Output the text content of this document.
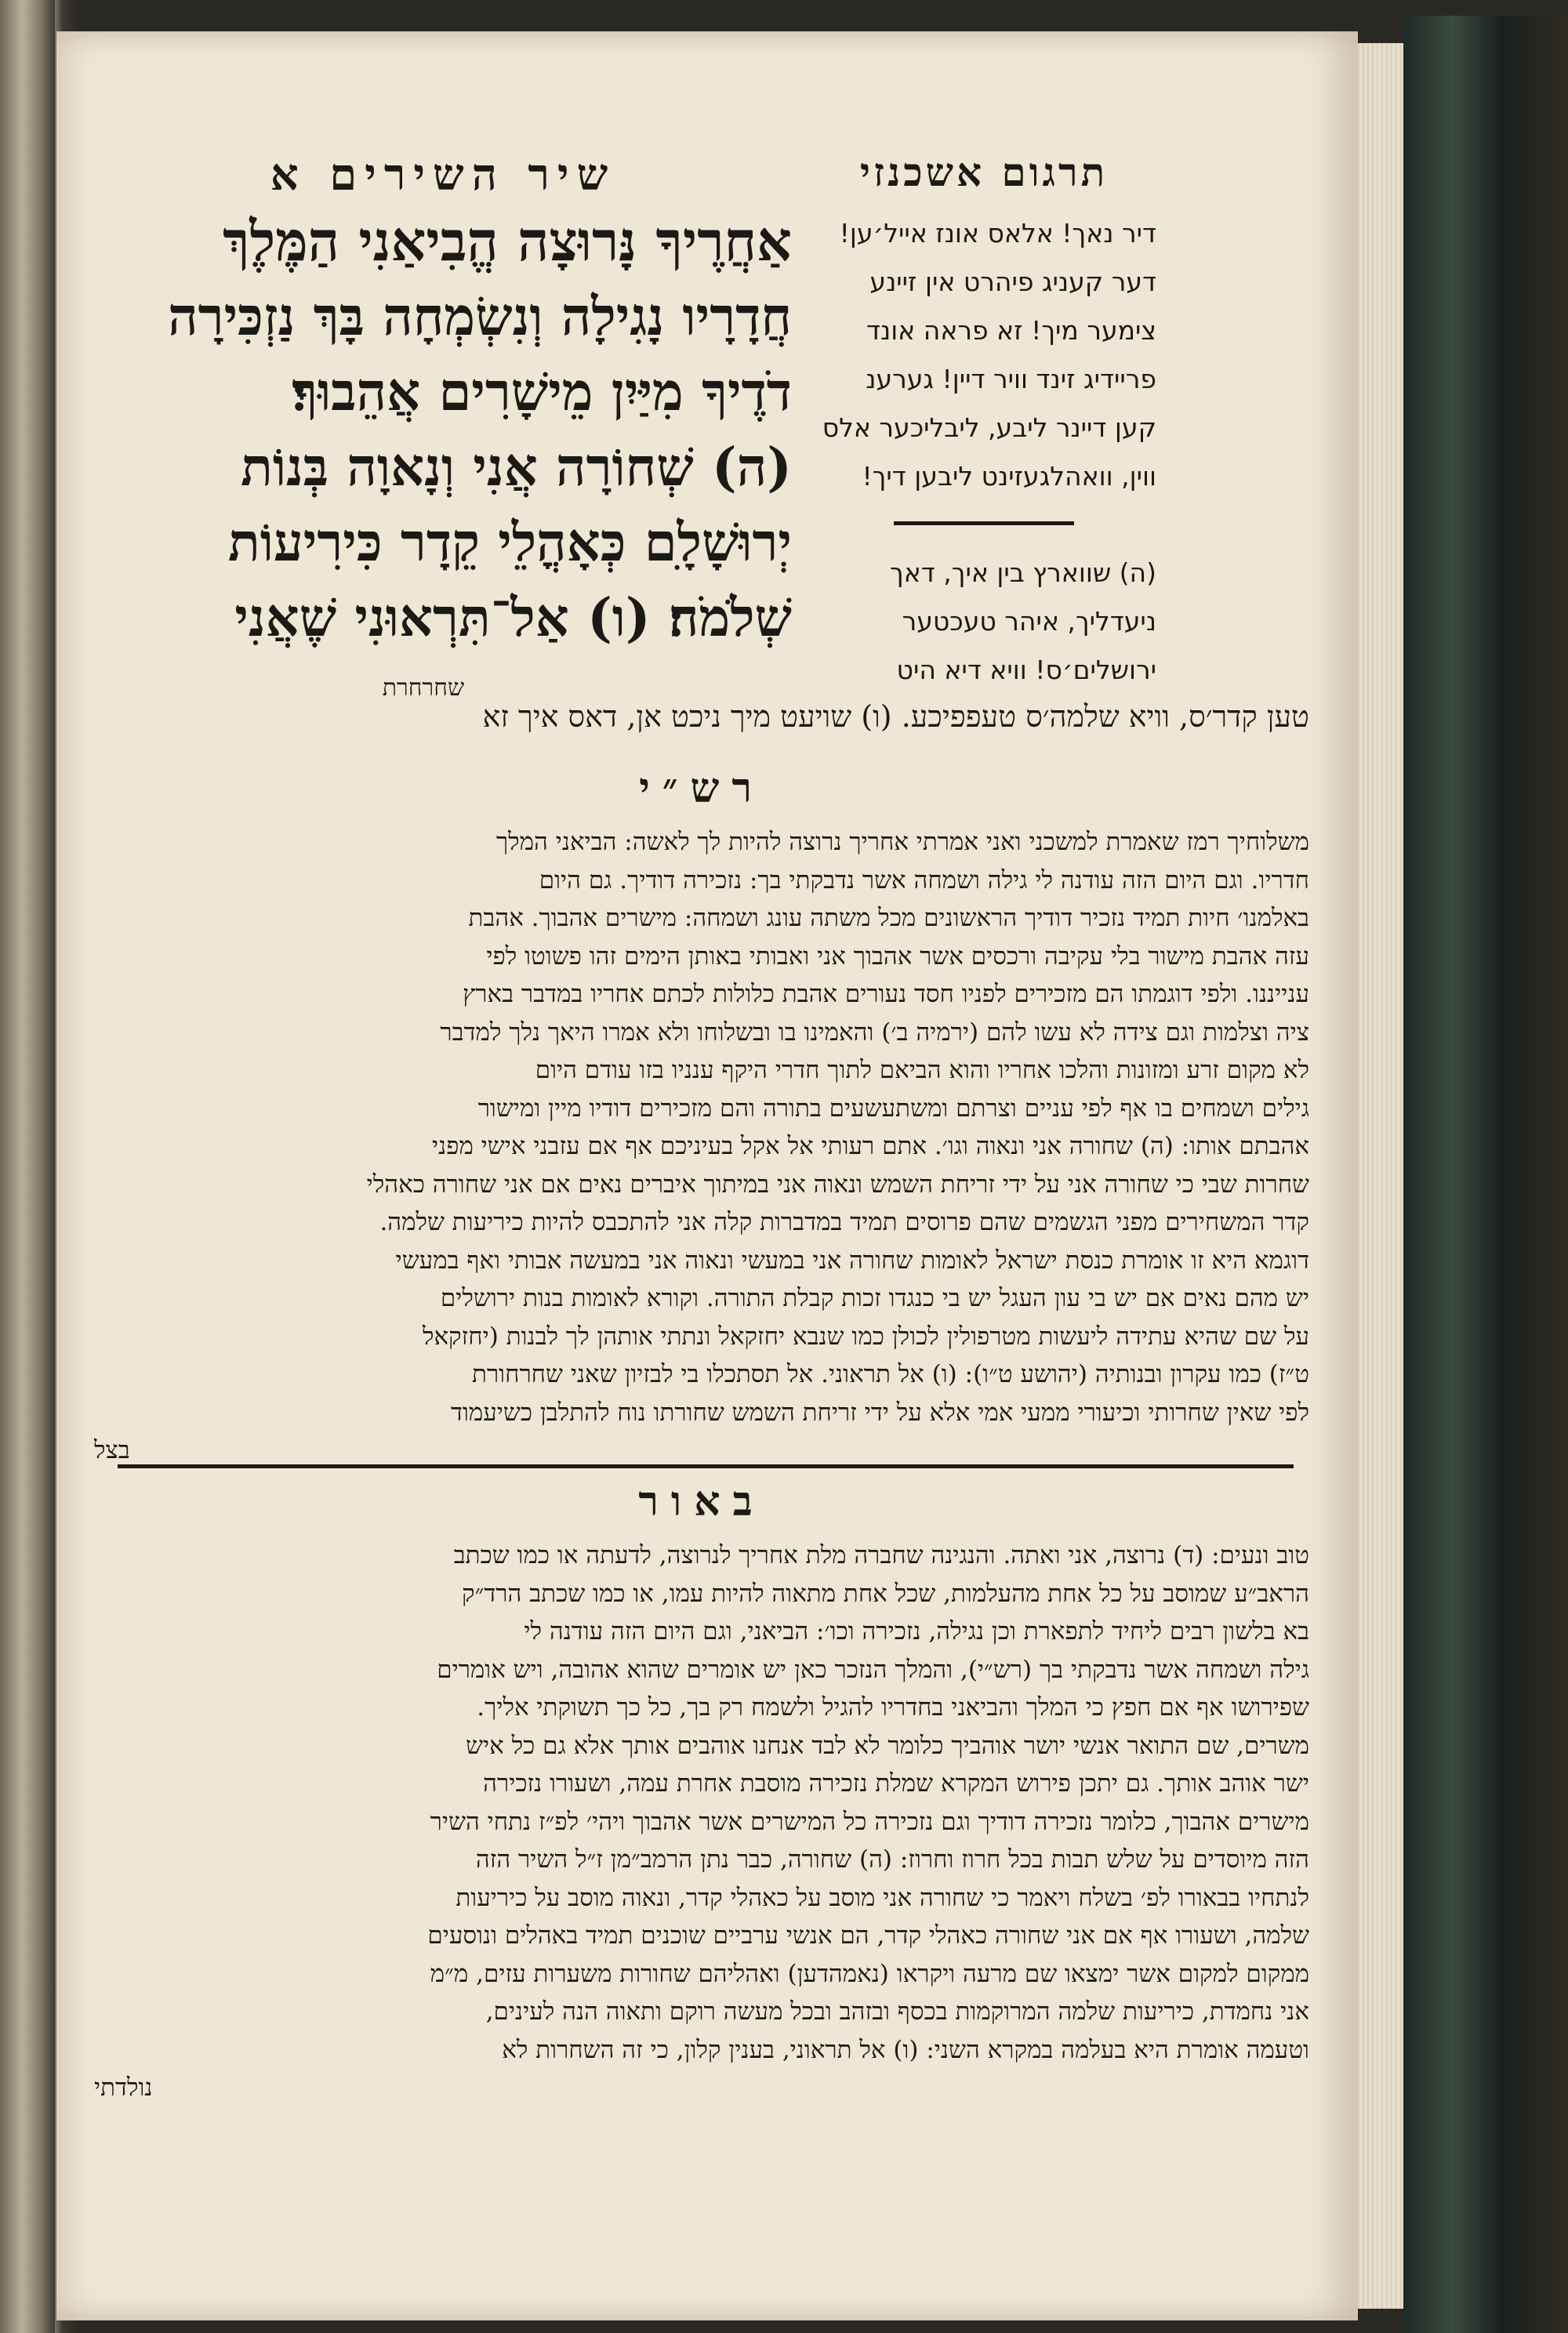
תרגום אשכנזי
דיר נאך! אלאס אונז אייל׳ען!
דער קעניג פיהרט אין זיינע
צימער מיך! זא פראה אונד
פריידיג זינד וויר דיין! גערענ
קען דיינר ליבע, ליבליכער אלס
ווין, וואהלגעזינט ליבען דיך!
(ה) שווארץ בין איך, דאך
ניעדליך, איהר טעכטער
ירושלים׳ס! וויא דיא היט
שיר השירים א
אַחֲרֶיךָ נָּרוּצָה הֱבִיאַנִי הַמֶּלֶךְ
חֲדָרָיו נָגִילָה וְנִשְׂמְחָה בָּךְ נַזְכִּירָה
דֹדֶיךָ מִיַּיִן מֵישָׁרִים אֲהֵבוּךָ׃
(ה) שְׁחוֹרָה אֲנִי וְנָאוָה בְּנוֹת
יְרוּשָׁלָ‍ִם כְּאָהֳלֵי קֵדָר כִּירִיעוֹת
שְׁלֹמֹה׃ (ו) אַל־תִּרְאוּנִי שֶׁאֲנִי
שחרחרת
טען קדר׳ס, וויא שלמה׳ס טעפפיכע. (ו) שויעט מיך ניכט אן, דאס איך זא
רש״י
משלוחיך רמז שאמרת למשכני ואני אמרתי אחריך נרוצה להיות לך לאשה: הביאני המלך
חדריו. וגם היום הזה עודנה לי גילה ושמחה אשר נדבקתי בך: נזכירה דודיך. גם היום
באלמנו׳ חיות תמיד נזכיר דודיך הראשונים מכל משתה עונג ושמחה: מישרים אהבוך. אהבת
עזה אהבת מישור בלי עקיבה ורכסים אשר אהבוך אני ואבותי באותן הימים זהו פשוטו לפי
ענייננו. ולפי דוגמתו הם מזכירים לפניו חסד נעורים אהבת כלולות לכתם אחריו במדבר בארץ
ציה וצלמות וגם צידה לא עשו להם (ירמיה ב׳) והאמינו בו ובשלוחו ולא אמרו היאך נלך למדבר
לא מקום זרע ומזונות והלכו אחריו והוא הביאם לתוך חדרי היקף ענניו בזו עודם היום
גילים ושמחים בו אף לפי עניים וצרתם ומשתעשעים בתורה והם מזכירים דודיו מיין ומישור
אהבתם אותו: (ה) שחורה אני ונאוה וגו׳. אתם רעותי אל אקל בעיניכם אף אם עזבני אישי מפני
שחרות שבי כי שחורה אני על ידי זריחת השמש ונאוה אני במיתוך איברים נאים אם אני שחורה כאהלי
קדר המשחירים מפני הגשמים שהם פרוסים תמיד במדברות קלה אני להתכבס להיות כיריעות שלמה.
דוגמא היא זו אומרת כנסת ישראל לאומות שחורה אני במעשי ונאוה אני במעשה אבותי ואף במעשי
יש מהם נאים אם יש בי עון העגל יש בי כנגדו זכות קבלת התורה. וקורא לאומות בנות ירושלים
על שם שהיא עתידה ליעשות מטרפולין לכולן כמו שנבא יחזקאל ונתתי אותהן לך לבנות (יחזקאל
ט״ז) כמו עקרון ובנותיה (יהושע ט״ו): (ו) אל תראוני. אל תסתכלו בי לבזיון שאני שחרחורת
לפי שאין שחרותי וכיעורי ממעי אמי אלא על ידי זריחת השמש שחורתו נוח להתלבן כשיעמוד
בצל
באור
טוב ונעים: (ד) נרוצה, אני ואתה. והנגינה שחברה מלת אחריך לנרוצה, לדעתה או כמו שכתב
הראב״ע שמוסב על כל אחת מהעלמות, שכל אחת מתאוה להיות עמו, או כמו שכתב הרד״ק
בא בלשון רבים ליחיד לתפארת וכן נגילה, נזכירה וכו׳: הביאני, וגם היום הזה עודנה לי
גילה ושמחה אשר נדבקתי בך (רש״י), והמלך הנזכר כאן יש אומרים שהוא אהובה, ויש אומרים
שפירושו אף אם חפץ כי המלך והביאני בחדריו להגיל ולשמח רק בך, כל כך תשוקתי אליך.
משרים, שם התואר אנשי יושר אוהביך כלומר לא לבד אנחנו אוהבים אותך אלא גם כל איש
ישר אוהב אותך. גם יתכן פירוש המקרא שמלת נזכירה מוסבת אחרת עמה, ושעורו נזכירה
מישרים אהבוך, כלומר נזכירה דודיך וגם נזכירה כל המישרים אשר אהבוך ויהי׳ לפ״ז נתחי השיר
הזה מיוסדים על שלש תבות בכל חרוז וחרוז: (ה) שחורה, כבר נתן הרמב״מן ז״ל השיר הזה
לנתחיו בבאורו לפ׳ בשלח ויאמר כי שחורה אני מוסב על כאהלי קדר, ונאוה מוסב על כיריעות
שלמה, ושעורו אף אם אני שחורה כאהלי קדר, הם אנשי ערביים שוכנים תמיד באהלים ונוסעים
ממקום למקום אשר ימצאו שם מרעה ויקראו (נאמהדען) ואהליהם שחורות משערות עזים, מ״מ
אני נחמדת, כיריעות שלמה המרוקמות בכסף ובזהב ובכל מעשה רוקם ותאוה הנה לעינים,
וטעמה אומרת היא בעלמה במקרא השני: (ו) אל תראוני, בענין קלון, כי זה השחרות לא
נולדתי
